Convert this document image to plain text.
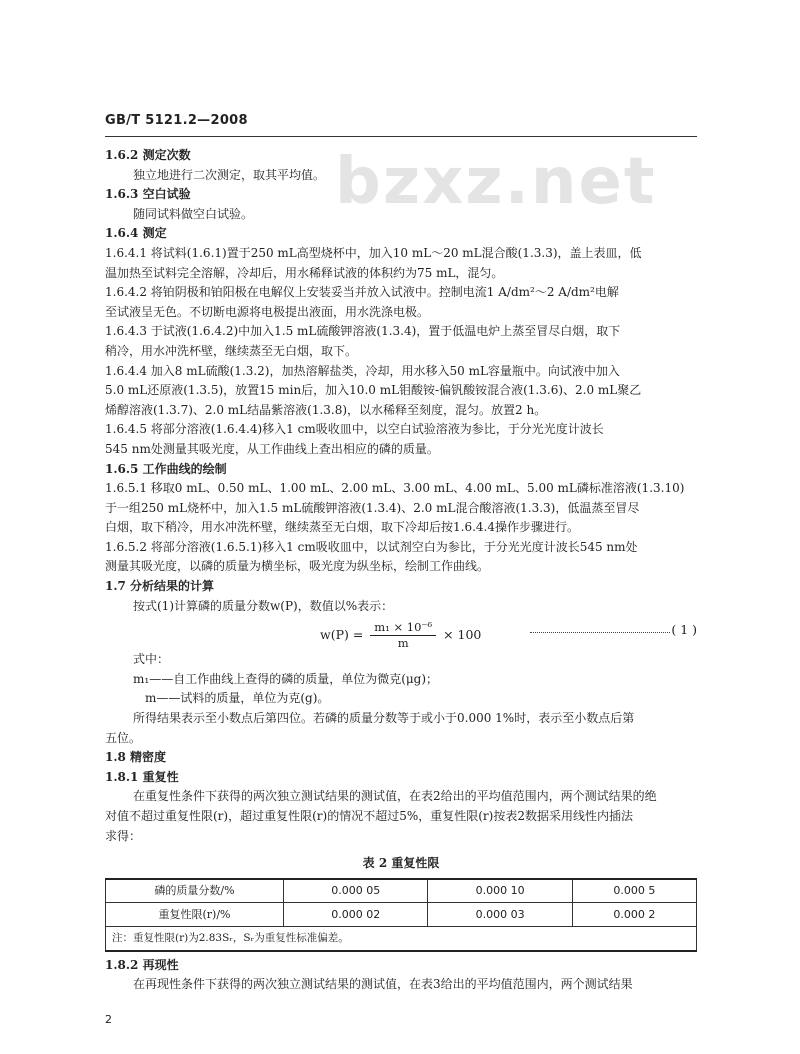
GB/T 5121.2—2008
bzxz.net

1.6.2 测定次数

独立地进行二次测定，取其平均值。

1.6.3 空白试验

随同试料做空白试验。

1.6.4 测定

1.6.4.1 将试料(1.6.1)置于250 mL高型烧杯中，加入10 mL～20 mL混合酸(1.3.3)，盖上表皿，低

温加热至试料完全溶解，冷却后，用水稀释试液的体积约为75 mL，混匀。

1.6.4.2 将铂阴极和铂阳极在电解仪上安装妥当并放入试液中。控制电流1 A/dm²～2 A/dm²电解

至试液呈无色。不切断电源将电极提出液面，用水洗涤电极。

1.6.4.3 于试液(1.6.4.2)中加入1.5 mL硫酸钾溶液(1.3.4)，置于低温电炉上蒸至冒尽白烟，取下

稍冷，用水冲洗杯壁，继续蒸至无白烟，取下。

1.6.4.4 加入8 mL硫酸(1.3.2)，加热溶解盐类，冷却，用水移入50 mL容量瓶中。向试液中加入

5.0 mL还原液(1.3.5)，放置15 min后，加入10.0 mL钼酸铵-偏钒酸铵混合液(1.3.6)、2.0 mL聚乙

烯醇溶液(1.3.7)、2.0 mL结晶紫溶液(1.3.8)，以水稀释至刻度，混匀。放置2 h。

1.6.4.5 将部分溶液(1.6.4.4)移入1 cm吸收皿中，以空白试验溶液为参比，于分光光度计波长

545 nm处测量其吸光度，从工作曲线上查出相应的磷的质量。

1.6.5 工作曲线的绘制

1.6.5.1 移取0 mL、0.50 mL、1.00 mL、2.00 mL、3.00 mL、4.00 mL、5.00 mL磷标准溶液(1.3.10)

于一组250 mL烧杯中，加入1.5 mL硫酸钾溶液(1.3.4)、2.0 mL混合酸溶液(1.3.3)，低温蒸至冒尽

白烟，取下稍冷，用水冲洗杯壁，继续蒸至无白烟，取下冷却后按1.6.4.4操作步骤进行。

1.6.5.2 将部分溶液(1.6.5.1)移入1 cm吸收皿中，以试剂空白为参比，于分光光度计波长545 nm处

测量其吸光度，以磷的质量为横坐标，吸光度为纵坐标，绘制工作曲线。

1.7 分析结果的计算

按式(1)计算磷的质量分数w(P)，数值以%表示：

$w(P) = \frac{\text{m₁ × 10⁻⁶}}{m} \times 100$	( 1 )

式中：

m₁——自工作曲线上查得的磷的质量，单位为微克(μg)；

m——试料的质量，单位为克(g)。

所得结果表示至小数点后第四位。若磷的质量分数等于或小于0.000 1%时，表示至小数点后第

五位。

1.8 精密度

1.8.1 重复性

在重复性条件下获得的两次独立测试结果的测试值，在表2给出的平均值范围内，两个测试结果的绝

对值不超过重复性限(r)，超过重复性限(r)的情况不超过5%，重复性限(r)按表2数据采用线性内插法

求得：

表 2 重复性限
磷的质量分数/%	0.000 05	0.000 10	0.000 5
重复性限(r)/%	0.000 02	0.000 03	0.000 2
注：重复性限(r)为2.83Sᵣ，Sᵣ为重复性标准偏差。			

1.8.2 再现性

在再现性条件下获得的两次独立测试结果的测试值，在表3给出的平均值范围内，两个测试结果

2
